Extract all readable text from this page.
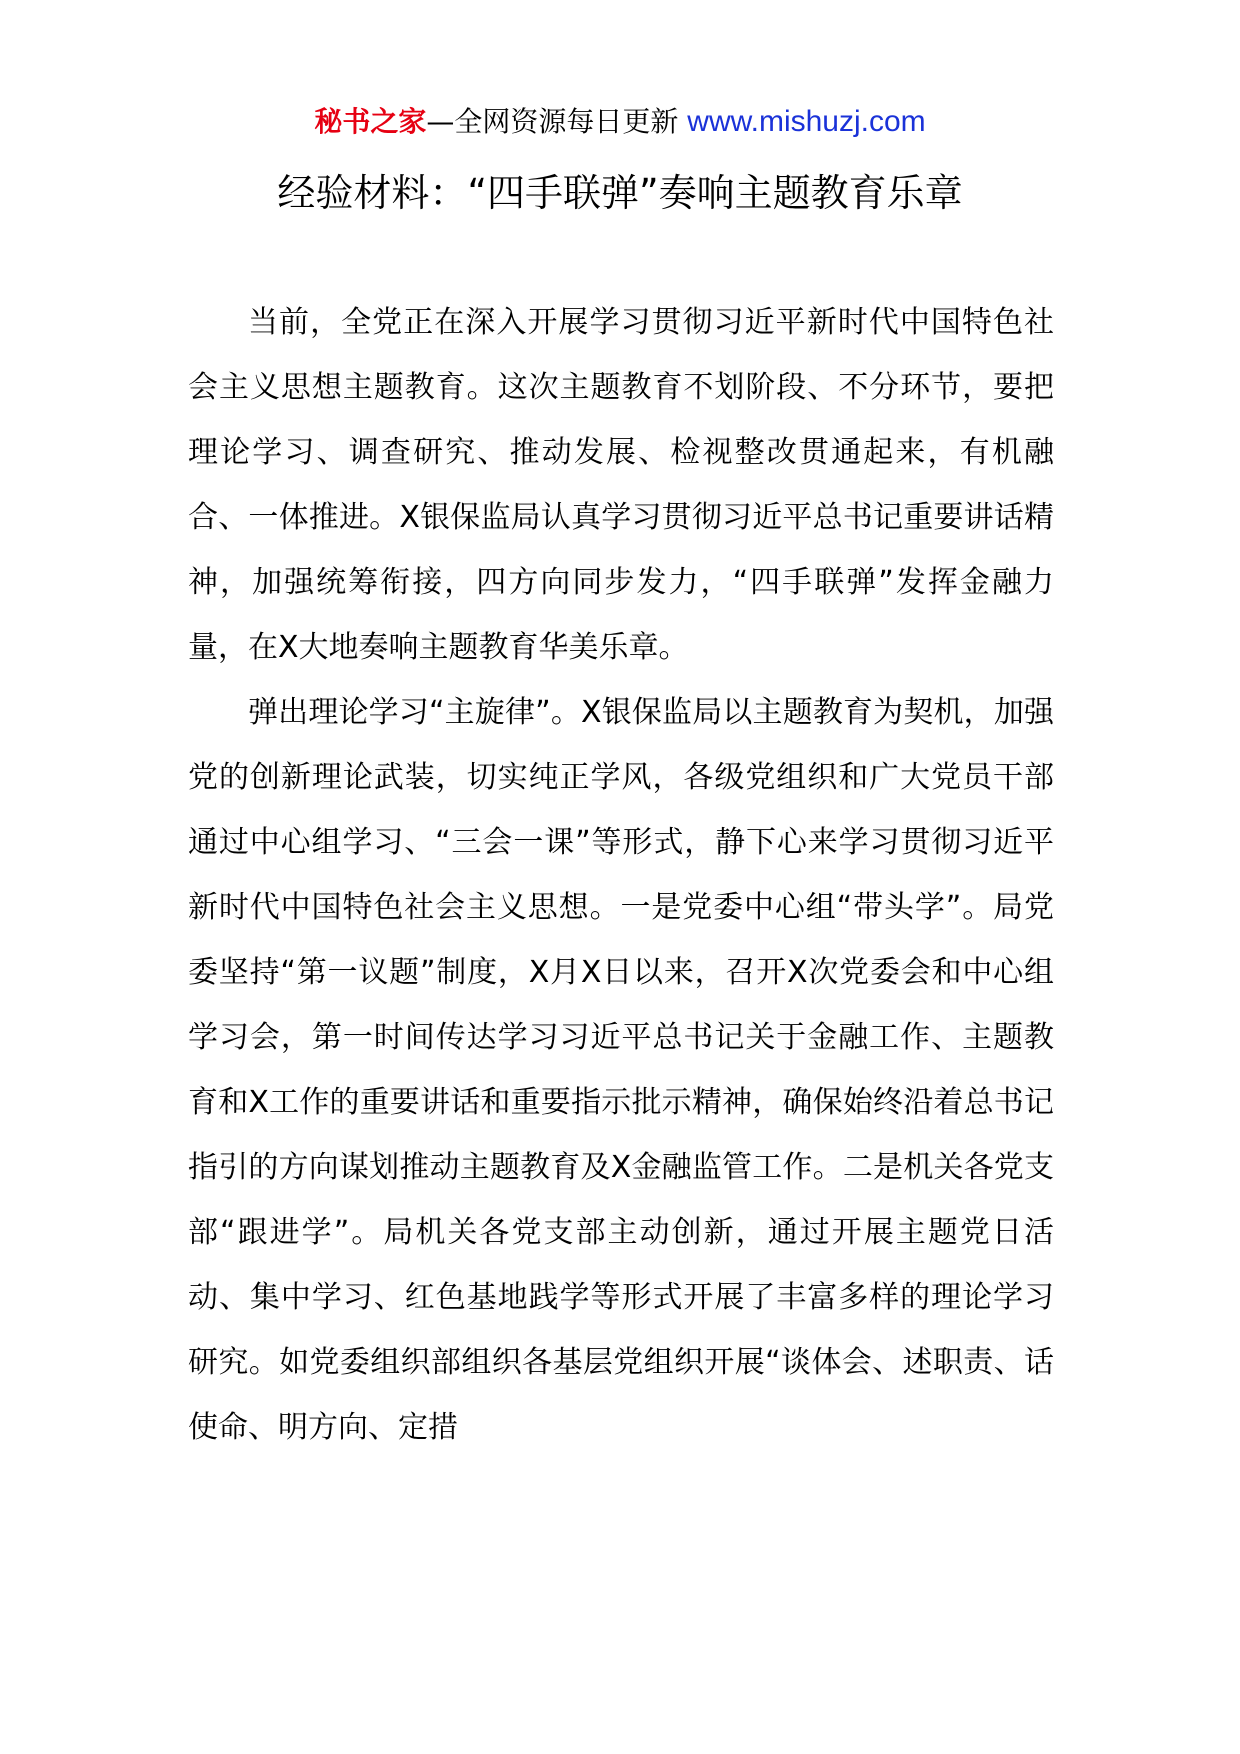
秘书之家—全网资源每日更新 www.mishuzj.com
经验材料：“四手联弹”奏响主题教育乐章

当前，全党正在深入开展学习贯彻习近平新时代中国特色社会主义思想主题教育。这次主题教育不划阶段、不分环节，要把理论学习、调查研究、推动发展、检视整改贯通起来，有机融合、一体推进。X银保监局认真学习贯彻习近平总书记重要讲话精神，加强统筹衔接，四方向同步发力，“四手联弹”发挥金融力量，在X大地奏响主题教育华美乐章。

弹出理论学习“主旋律”。X银保监局以主题教育为契机，加强党的创新理论武装，切实纯正学风，各级党组织和广大党员干部通过中心组学习、“三会一课”等形式，静下心来学习贯彻习近平新时代中国特色社会主义思想。一是党委中心组“带头学”。局党委坚持“第一议题”制度，X月X日以来，召开X次党委会和中心组学习会，第一时间传达学习习近平总书记关于金融工作、主题教育和X工作的重要讲话和重要指示批示精神，确保始终沿着总书记指引的方向谋划推动主题教育及X金融监管工作。二是机关各党支部“跟进学”。局机关各党支部主动创新，通过开展主题党日活动、集中学习、红色基地践学等形式开展了丰富多样的理论学习研究。如党委组织部组织各基层党组织开展“谈体会、述职责、话使命、明方向、定措
